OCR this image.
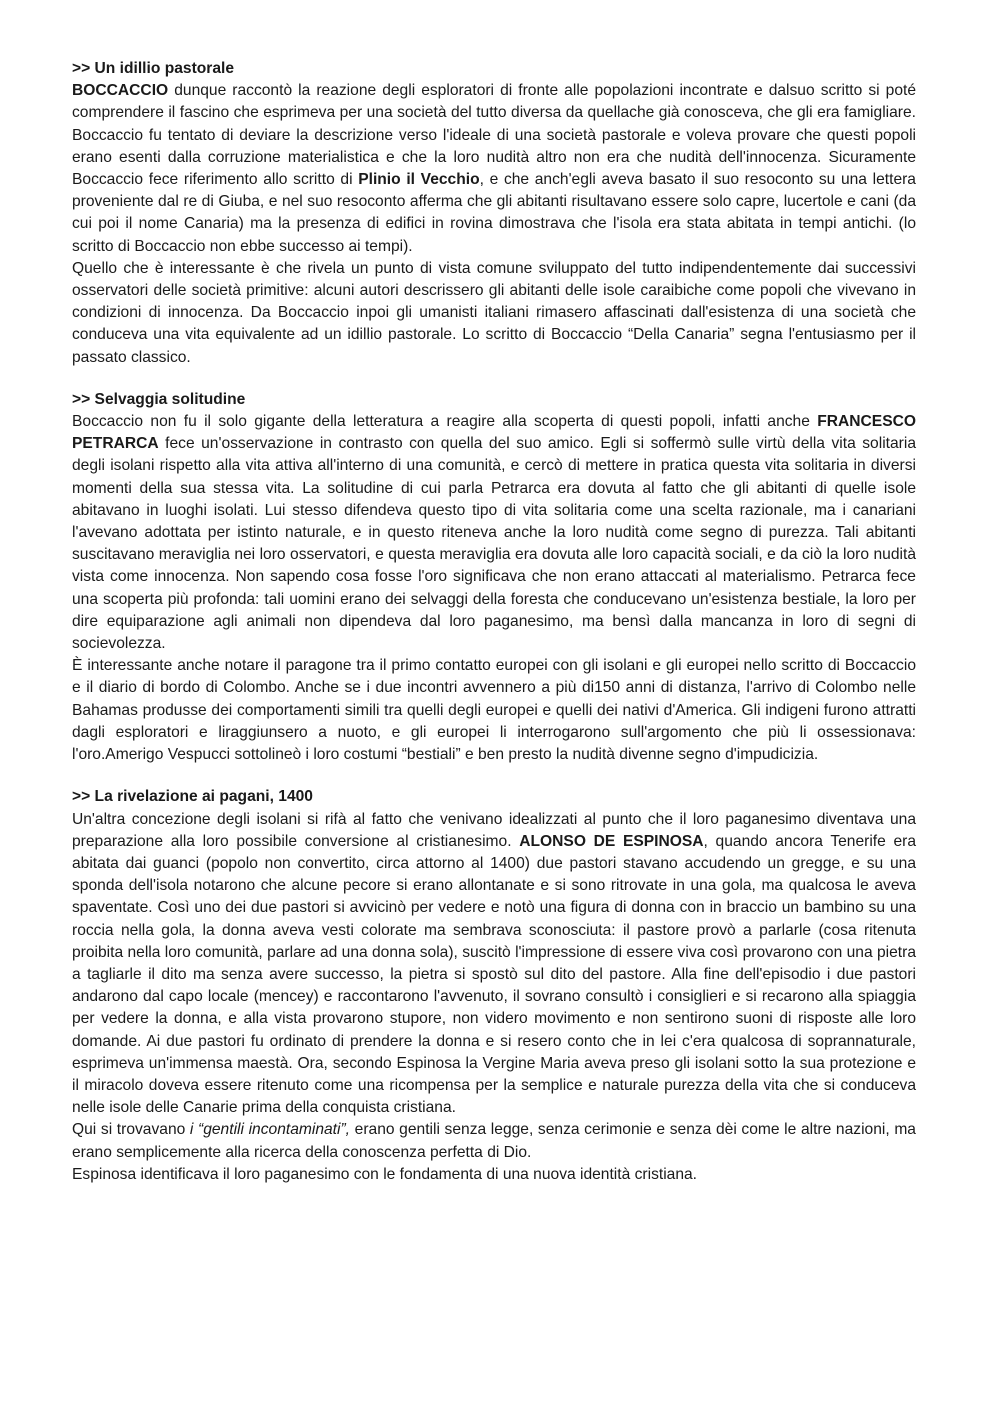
>> Un idillio pastorale

BOCCACCIO dunque raccontò la reazione degli esploratori di fronte alle popolazioni incontrate e dalsuo scritto si poté comprendere il fascino che esprimeva per una società del tutto diversa da quellache già conosceva, che gli era famigliare. Boccaccio fu tentato di deviare la descrizione verso l'ideale di una società pastorale e voleva provare che questi popoli erano esenti dalla corruzione materialistica e che la loro nudità altro non era che nudità dell'innocenza. Sicuramente Boccaccio fece riferimento allo scritto di Plinio il Vecchio, e che anch'egli aveva basato il suo resoconto su una lettera proveniente dal re di Giuba, e nel suo resoconto afferma che gli abitanti risultavano essere solo capre, lucertole e cani (da cui poi il nome Canaria) ma la presenza di edifici in rovina dimostrava che l'isola era stata abitata in tempi antichi. (lo scritto di Boccaccio non ebbe successo ai tempi).

Quello che è interessante è che rivela un punto di vista comune sviluppato del tutto indipendentemente dai successivi osservatori delle società primitive: alcuni autori descrissero gli abitanti delle isole caraibiche come popoli che vivevano in condizioni di innocenza. Da Boccaccio inpoi gli umanisti italiani rimasero affascinati dall'esistenza di una società che conduceva una vita equivalente ad un idillio pastorale. Lo scritto di Boccaccio “Della Canaria” segna l'entusiasmo per il passato classico.

>> Selvaggia solitudine

Boccaccio non fu il solo gigante della letteratura a reagire alla scoperta di questi popoli, infatti anche FRANCESCO PETRARCA fece un'osservazione in contrasto con quella del suo amico. Egli si soffermò sulle virtù della vita solitaria degli isolani rispetto alla vita attiva all'interno di una comunità, e cercò di mettere in pratica questa vita solitaria in diversi momenti della sua stessa vita. La solitudine di cui parla Petrarca era dovuta al fatto che gli abitanti di quelle isole abitavano in luoghi isolati. Lui stesso difendeva questo tipo di vita solitaria come una scelta razionale, ma i canariani l'avevano adottata per istinto naturale, e in questo riteneva anche la loro nudità come segno di purezza. Tali abitanti suscitavano meraviglia nei loro osservatori, e questa meraviglia era dovuta alle loro capacità sociali, e da ciò la loro nudità vista come innocenza. Non sapendo cosa fosse l'oro significava che non erano attaccati al materialismo. Petrarca fece una scoperta più profonda: tali uomini erano dei selvaggi della foresta che conducevano un'esistenza bestiale, la loro per dire equiparazione agli animali non dipendeva dal loro paganesimo, ma bensì dalla mancanza in loro di segni di socievolezza.

È interessante anche notare il paragone tra il primo contatto europei con gli isolani e gli europei nello scritto di Boccaccio e il diario di bordo di Colombo. Anche se i due incontri avvennero a più di150 anni di distanza, l'arrivo di Colombo nelle Bahamas produsse dei comportamenti simili tra quelli degli europei e quelli dei nativi d'America. Gli indigeni furono attratti dagli esploratori e liraggiunsero a nuoto, e gli europei li interrogarono sull'argomento che più li ossessionava: l'oro.Amerigo Vespucci sottolineò i loro costumi “bestiali” e ben presto la nudità divenne segno d'impudicizia.

>> La rivelazione ai pagani, 1400

Un'altra concezione degli isolani si rifà al fatto che venivano idealizzati al punto che il loro paganesimo diventava una preparazione alla loro possibile conversione al cristianesimo. ALONSO DE ESPINOSA, quando ancora Tenerife era abitata dai guanci (popolo non convertito, circa attorno al 1400) due pastori stavano accudendo un gregge, e su una sponda dell'isola notarono che alcune pecore si erano allontanate e si sono ritrovate in una gola, ma qualcosa le aveva spaventate. Così uno dei due pastori si avvicinò per vedere e notò una figura di donna con in braccio un bambino su una roccia nella gola, la donna aveva vesti colorate ma sembrava sconosciuta: il pastore provò a parlarle (cosa ritenuta proibita nella loro comunità, parlare ad una donna sola), suscitò l'impressione di essere viva così provarono con una pietra a tagliarle il dito ma senza avere successo, la pietra si spostò sul dito del pastore. Alla fine dell'episodio i due pastori andarono dal capo locale (mencey) e raccontarono l'avvenuto, il sovrano consultò i consiglieri e si recarono alla spiaggia per vedere la donna, e alla vista provarono stupore, non videro movimento e non sentirono suoni di risposte alle loro domande. Ai due pastori fu ordinato di prendere la donna e si resero conto che in lei c'era qualcosa di soprannaturale, esprimeva un'immensa maestà. Ora, secondo Espinosa la Vergine Maria aveva preso gli isolani sotto la sua protezione e il miracolo doveva essere ritenuto come una ricompensa per la semplice e naturale purezza della vita che si conduceva nelle isole delle Canarie prima della conquista cristiana.

Qui si trovavano i “gentili incontaminati”, erano gentili senza legge, senza cerimonie e senza dèi come le altre nazioni, ma erano semplicemente alla ricerca della conoscenza perfetta di Dio.

Espinosa identificava il loro paganesimo con le fondamenta di una nuova identità cristiana.
